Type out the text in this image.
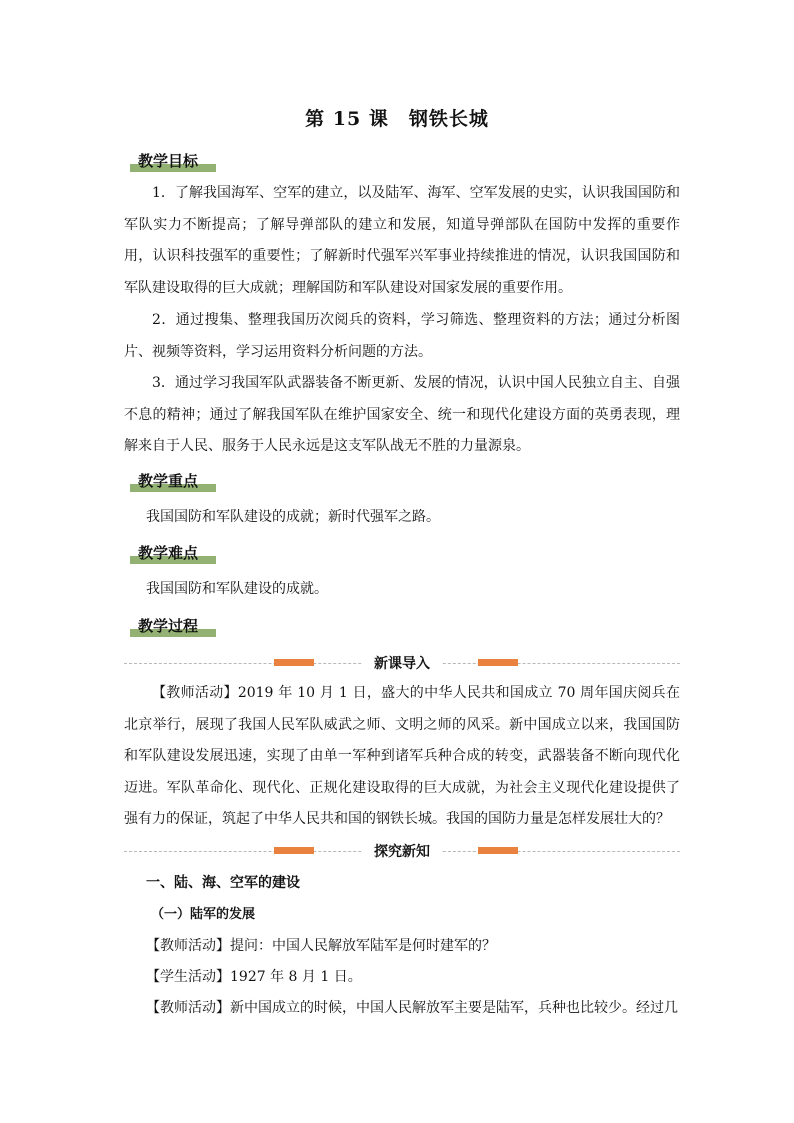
第 15 课　钢铁长城
教学目标

1．了解我国海军、空军的建立，以及陆军、海军、空军发展的史实，认识我国国防和军队实力不断提高；了解导弹部队的建立和发展，知道导弹部队在国防中发挥的重要作用，认识科技强军的重要性；了解新时代强军兴军事业持续推进的情况，认识我国国防和军队建设取得的巨大成就；理解国防和军队建设对国家发展的重要作用。

2．通过搜集、整理我国历次阅兵的资料，学习筛选、整理资料的方法；通过分析图片、视频等资料，学习运用资料分析问题的方法。

3．通过学习我国军队武器装备不断更新、发展的情况，认识中国人民独立自主、自强不息的精神；通过了解我国军队在维护国家安全、统一和现代化建设方面的英勇表现，理解来自于人民、服务于人民永远是这支军队战无不胜的力量源泉。

教学重点

我国国防和军队建设的成就；新时代强军之路。

教学难点

我国国防和军队建设的成就。

教学过程
新课导入

【教师活动】2019 年 10 月 1 日，盛大的中华人民共和国成立 70 周年国庆阅兵在北京举行，展现了我国人民军队威武之师、文明之师的风采。新中国成立以来，我国国防和军队建设发展迅速，实现了由单一军种到诸军兵种合成的转变，武器装备不断向现代化迈进。军队革命化、现代化、正规化建设取得的巨大成就，为社会主义现代化建设提供了强有力的保证，筑起了中华人民共和国的钢铁长城。我国的国防力量是怎样发展壮大的？

探究新知
一、陆、海、空军的建设
（一）陆军的发展
【教师活动】提问：中国人民解放军陆军是何时建军的？
【学生活动】1927 年 8 月 1 日。
【教师活动】新中国成立的时候，中国人民解放军主要是陆军，兵种也比较少。经过几
